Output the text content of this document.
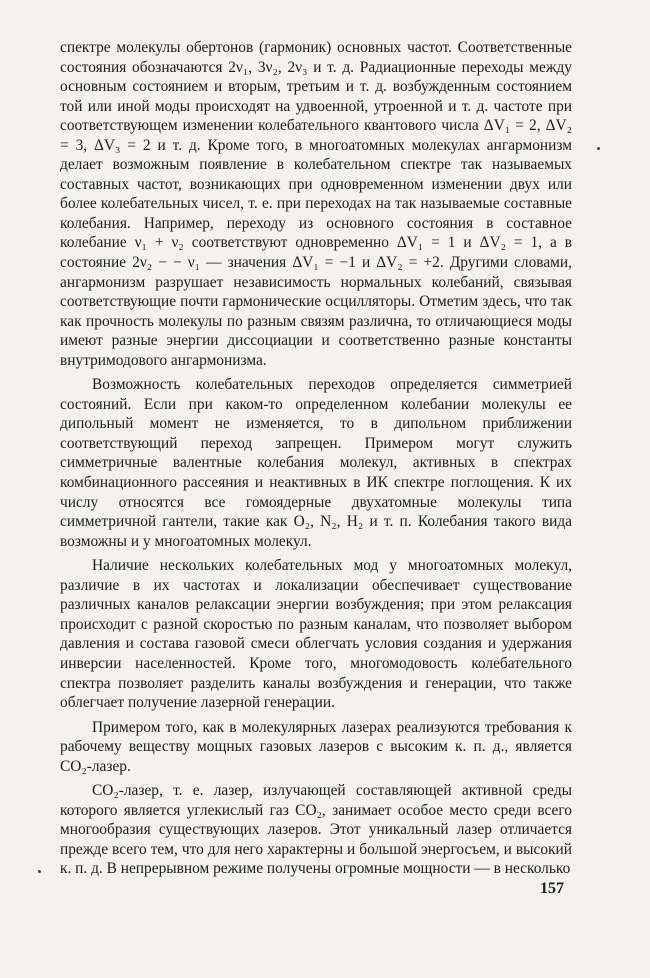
спектре молекулы обертонов (гармоник) основных частот. Соответственные состояния обозначаются 2ν₁, 3ν₂, 2ν₃ и т. д. Радиационные переходы между основным состоянием и вторым, третьим и т. д. возбужденным состоянием той или иной моды происходят на удвоенной, утроенной и т. д. частоте при соответствующем изменении колебательного квантового числа ΔV₁ = 2, ΔV₂ = 3, ΔV₃ = 2 и т. д. Кроме того, в многоатомных молекулах ангармонизм делает возможным появление в колебательном спектре так называемых составных частот, возникающих при одновременном изменении двух или более колебательных чисел, т. е. при переходах на так называемые составные колебания. Например, переходу из основного состояния в составное колебание ν₁ + ν₂ соответствуют одновременно ΔV₁ = 1 и ΔV₂ = 1, а в состояние 2ν₂ − − ν₁ — значения ΔV₁ = −1 и ΔV₂ = +2. Другими словами, ангармонизм разрушает независимость нормальных колебаний, связывая соответствующие почти гармонические осцилляторы. Отметим здесь, что так как прочность молекулы по разным связям различна, то отличающиеся моды имеют разные энергии диссоциации и соответственно разные константы внутримодового ангармонизма.

Возможность колебательных переходов определяется симметрией состояний. Если при каком-то определенном колебании молекулы ее дипольный момент не изменяется, то в дипольном приближении соответствующий переход запрещен. Примером могут служить симметричные валентные колебания молекул, активных в спектрах комбинационного рассеяния и неактивных в ИК спектре поглощения. К их числу относятся все гомоядерные двухатомные молекулы типа симметричной гантели, такие как O₂, N₂, H₂ и т. п. Колебания такого вида возможны и у многоатомных молекул.

Наличие нескольких колебательных мод у многоатомных молекул, различие в их частотах и локализации обеспечивает существование различных каналов релаксации энергии возбуждения; при этом релаксация происходит с разной скоростью по разным каналам, что позволяет выбором давления и состава газовой смеси облегчать условия создания и удержания инверсии населенностей. Кроме того, многомодовость колебательного спектра позволяет разделить каналы возбуждения и генерации, что также облегчает получение лазерной генерации.

Примером того, как в молекулярных лазерах реализуются требования к рабочему веществу мощных газовых лазеров с высоким к. п. д., является CO₂-лазер.

CO₂-лазер, т. е. лазер, излучающей составляющей активной среды которого является углекислый газ CO₂, занимает особое место среди всего многообразия существующих лазеров. Этот уникальный лазер отличается прежде всего тем, что для него характерны и большой энергосъем, и высокий к. п. д. В непрерывном режиме получены огромные мощности — в несколько

157
